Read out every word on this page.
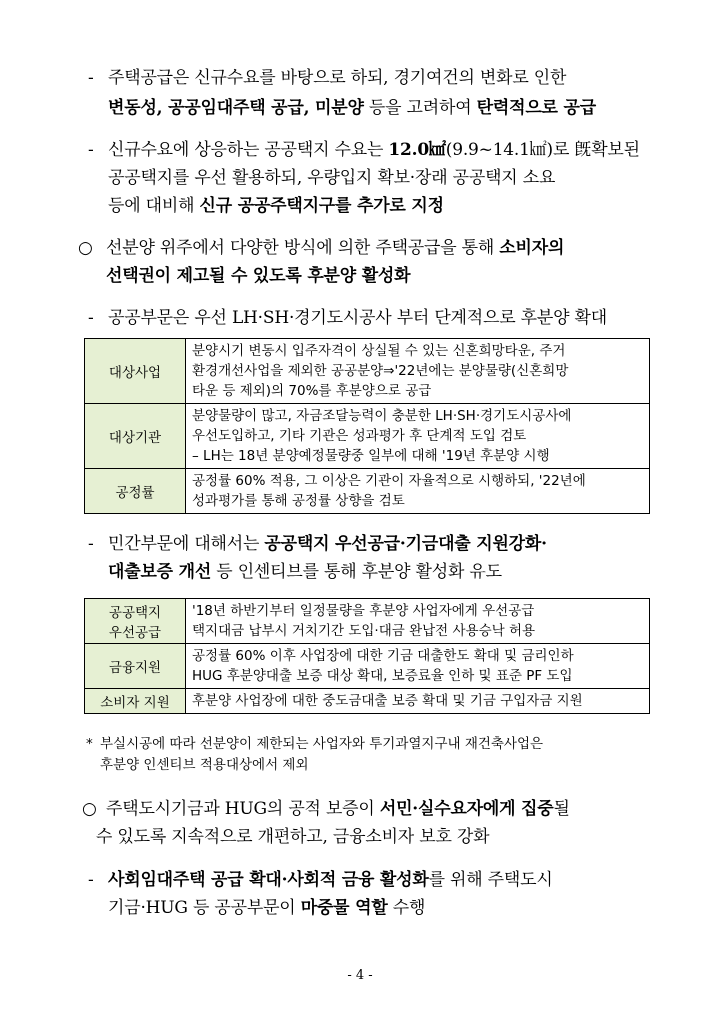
- 주택공급은 신규수요를 바탕으로 하되, 경기여건의 변화로 인한
변동성, 공공임대주택 공급, 미분양 등을 고려하여 탄력적으로 공급
- 신규수요에 상응하는 공공택지 수요는 12.0㎢(9.9~14.1㎢)로 旣확보된
공공택지를 우선 활용하되, 우량입지 확보·장래 공공택지 소요
등에 대비해 신규 공공주택지구를 추가로 지정
○ 선분양 위주에서 다양한 방식에 의한 주택공급을 통해 소비자의
선택권이 제고될 수 있도록 후분양 활성화
- 공공부문은 우선 LH·SH·경기도시공사 부터 단계적으로 후분양 확대
대상사업	분양시기 변동시 입주자격이 상실될 수 있는 신혼희망타운, 주거
환경개선사업을 제외한 공공분양⇒'22년에는 분양물량(신혼희망
타운 등 제외)의 70%를 후분양으로 공급

대상기관	분양물량이 많고, 자금조달능력이 충분한 LH·SH·경기도시공사에
우선도입하고, 기타 기관은 성과평가 후 단계적 도입 검토
– LH는 18년 분양예정물량중 일부에 대해 '19년 후분양 시행

공정률	공정률 60% 적용, 그 이상은 기관이 자율적으로 시행하되, '22년에
성과평가를 통해 공정률 상향을 검토
- 민간부문에 대해서는 공공택지 우선공급·기금대출 지원강화·
대출보증 개선 등 인센티브를 통해 후분양 활성화 유도
공공택지
우선공급	'18년 하반기부터 일정물량을 후분양 사업자에게 우선공급
택지대금 납부시 거치기간 도입·대금 완납전 사용승낙 허용

금융지원	공정률 60% 이후 사업장에 대한 기금 대출한도 확대 및 금리인하
HUG 후분양대출 보증 대상 확대, 보증료율 인하 및 표준 PF 도입

소비자 지원	후분양 사업장에 대한 중도금대출 보증 확대 및 기금 구입자금 지원
* 부실시공에 따라 선분양이 제한되는 사업자와 투기과열지구내 재건축사업은
후분양 인센티브 적용대상에서 제외
○ 주택도시기금과 HUG의 공적 보증이 서민·실수요자에게 집중될
수 있도록 지속적으로 개편하고, 금융소비자 보호 강화
- 사회임대주택 공급 확대·사회적 금융 활성화를 위해 주택도시
기금·HUG 등 공공부문이 마중물 역할 수행
- 4 -
